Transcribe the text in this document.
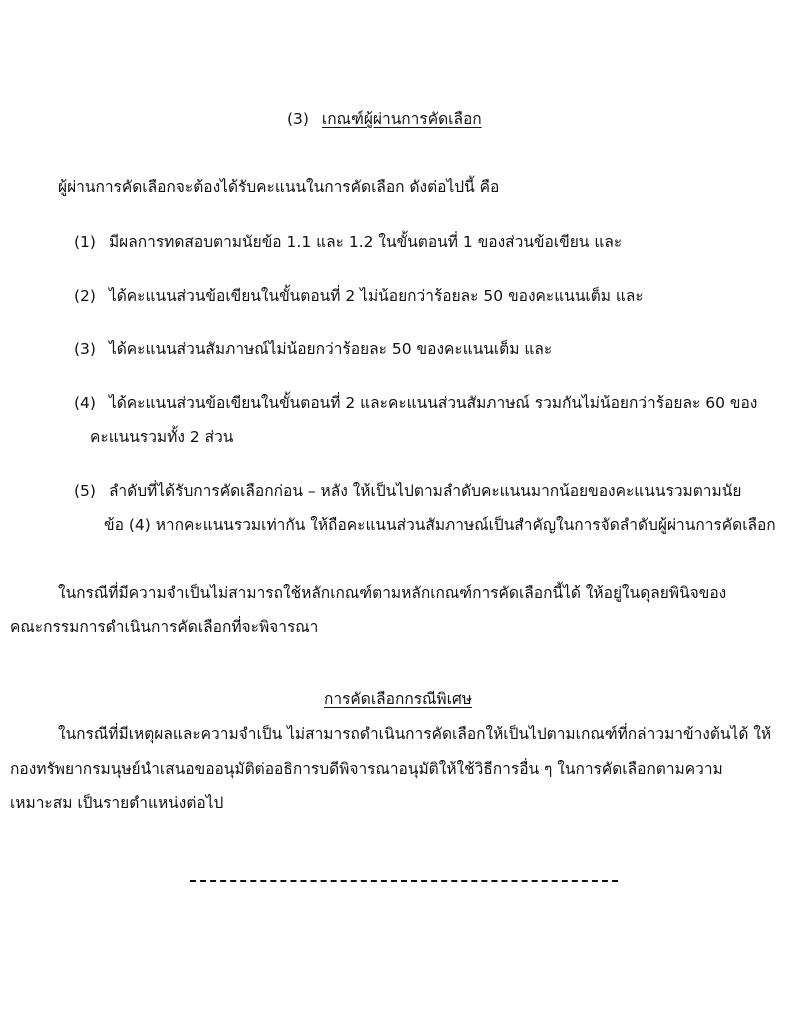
(3) เกณฑ์ผู้ผ่านการคัดเลือก
ผู้ผ่านการคัดเลือกจะต้องได้รับคะแนนในการคัดเลือก ดังต่อไปนี้ คือ
(1) มีผลการทดสอบตามนัยข้อ 1.1 และ 1.2 ในขั้นตอนที่ 1 ของส่วนข้อเขียน และ
(2) ได้คะแนนส่วนข้อเขียนในขั้นตอนที่ 2 ไม่น้อยกว่าร้อยละ 50 ของคะแนนเต็ม และ
(3) ได้คะแนนส่วนสัมภาษณ์ไม่น้อยกว่าร้อยละ 50 ของคะแนนเต็ม และ
(4) ได้คะแนนส่วนข้อเขียนในขั้นตอนที่ 2 และคะแนนส่วนสัมภาษณ์ รวมกันไม่น้อยกว่าร้อยละ 60 ของ
คะแนนรวมทั้ง 2 ส่วน
(5) ลำดับที่ได้รับการคัดเลือกก่อน – หลัง ให้เป็นไปตามลำดับคะแนนมากน้อยของคะแนนรวมตามนัย
ข้อ (4) หากคะแนนรวมเท่ากัน ให้ถือคะแนนส่วนสัมภาษณ์เป็นสำคัญในการจัดลำดับผู้ผ่านการคัดเลือก
ในกรณีที่มีความจำเป็นไม่สามารถใช้หลักเกณฑ์ตามหลักเกณฑ์การคัดเลือกนี้ได้ ให้อยู่ในดุลยพินิจของ
คณะกรรมการดำเนินการคัดเลือกที่จะพิจารณา
การคัดเลือกกรณีพิเศษ
ในกรณีที่มีเหตุผลและความจำเป็น ไม่สามารถดำเนินการคัดเลือกให้เป็นไปตามเกณฑ์ที่กล่าวมาข้างต้นได้ ให้
กองทรัพยากรมนุษย์นำเสนอขออนุมัติต่ออธิการบดีพิจารณาอนุมัติให้ใช้วิธีการอื่น ๆ ในการคัดเลือกตามความ
เหมาะสม เป็นรายตำแหน่งต่อไป
